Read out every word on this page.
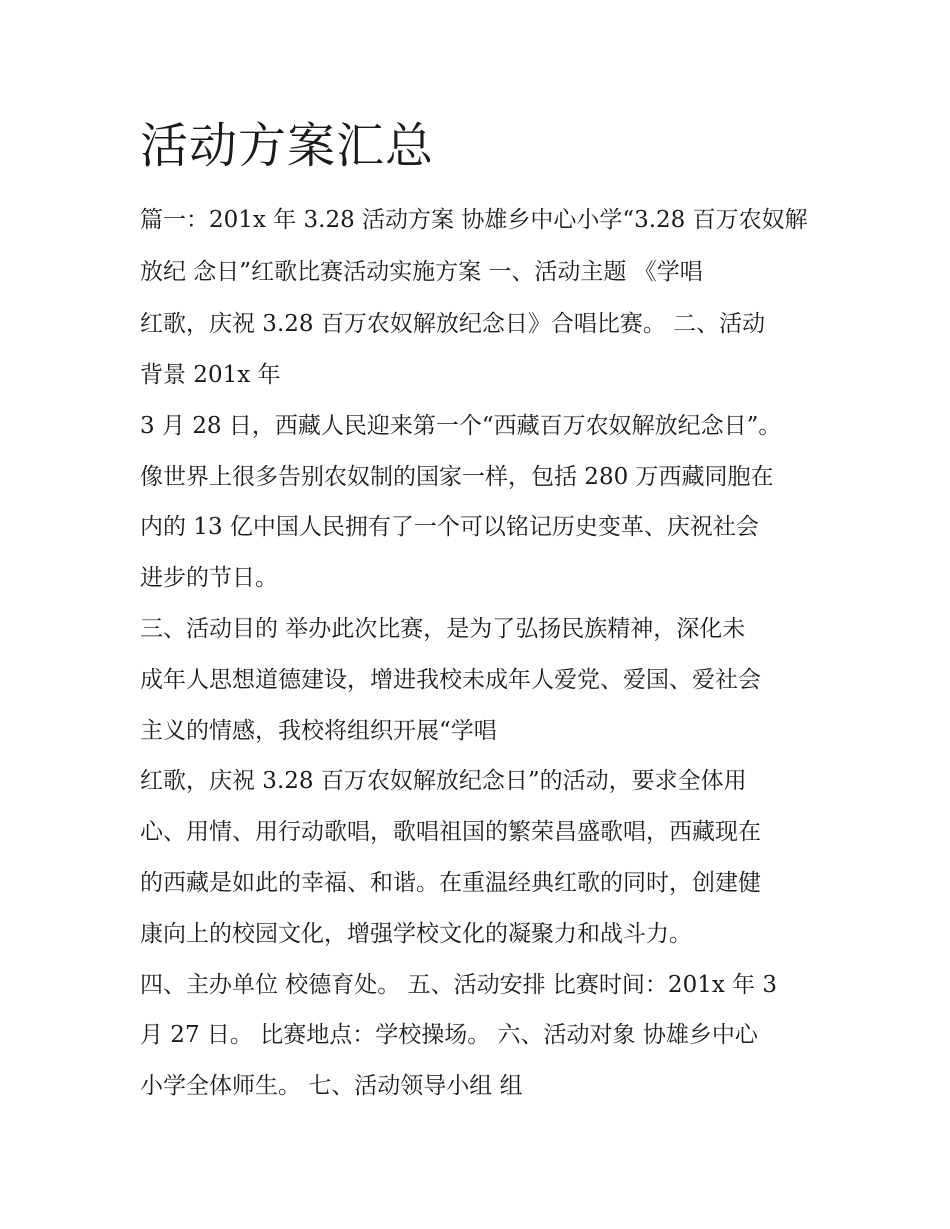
活动方案汇总

篇一：201x 年 3.28 活动方案 协雄乡中心小学“3.28 百万农奴解

放纪 念日”红歌比赛活动实施方案 一、活动主题 《学唱

红歌，庆祝 3.28 百万农奴解放纪念日》合唱比赛。 二、活动

背景 201x 年

3 月 28 日，西藏人民迎来第一个“西藏百万农奴解放纪念日”。

像世界上很多告别农奴制的国家一样，包括 280 万西藏同胞在

内的 13 亿中国人民拥有了一个可以铭记历史变革、庆祝社会

进步的节日。

三、活动目的 举办此次比赛，是为了弘扬民族精神，深化未

成年人思想道德建设，增进我校未成年人爱党、爱国、爱社会

主义的情感，我校将组织开展“学唱

红歌，庆祝 3.28 百万农奴解放纪念日”的活动，要求全体用

心、用情、用行动歌唱，歌唱祖国的繁荣昌盛歌唱，西藏现在

的西藏是如此的幸福、和谐。在重温经典红歌的同时，创建健

康向上的校园文化，增强学校文化的凝聚力和战斗力。

四、主办单位 校德育处。 五、活动安排 比赛时间：201x 年 3

月 27 日。 比赛地点：学校操场。 六、活动对象 协雄乡中心

小学全体师生。 七、活动领导小组 组
